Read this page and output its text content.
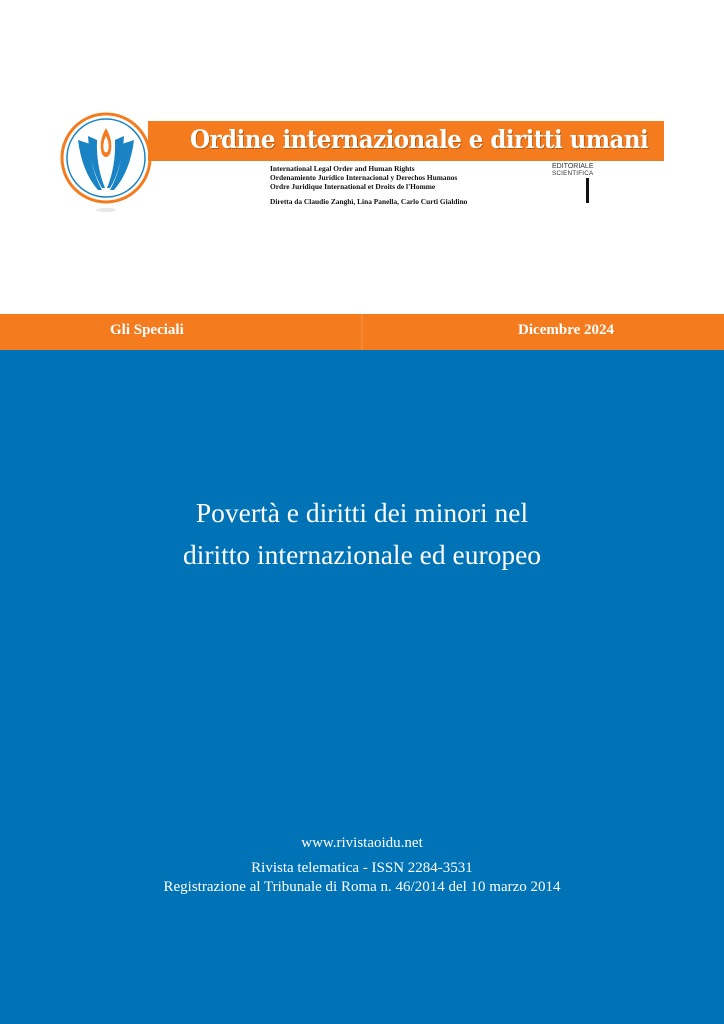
Ordine internazionale e diritti umani
International Legal Order and Human Rights
Ordenamiento Jurídico Internacional y Derechos Humanos
Ordre Juridique International et Droits de l'Homme
Diretta da Claudio Zanghì, Lina Panella, Carlo Curti Gialdino
EDITORIALE
SCIENTIFICA
Gli Speciali	Dicembre 2024
Povertà e diritti dei minori nel
diritto internazionale ed europeo
www.rivistaoidu.net
Rivista telematica - ISSN 2284-3531
Registrazione al Tribunale di Roma n. 46/2014 del 10 marzo 2014
